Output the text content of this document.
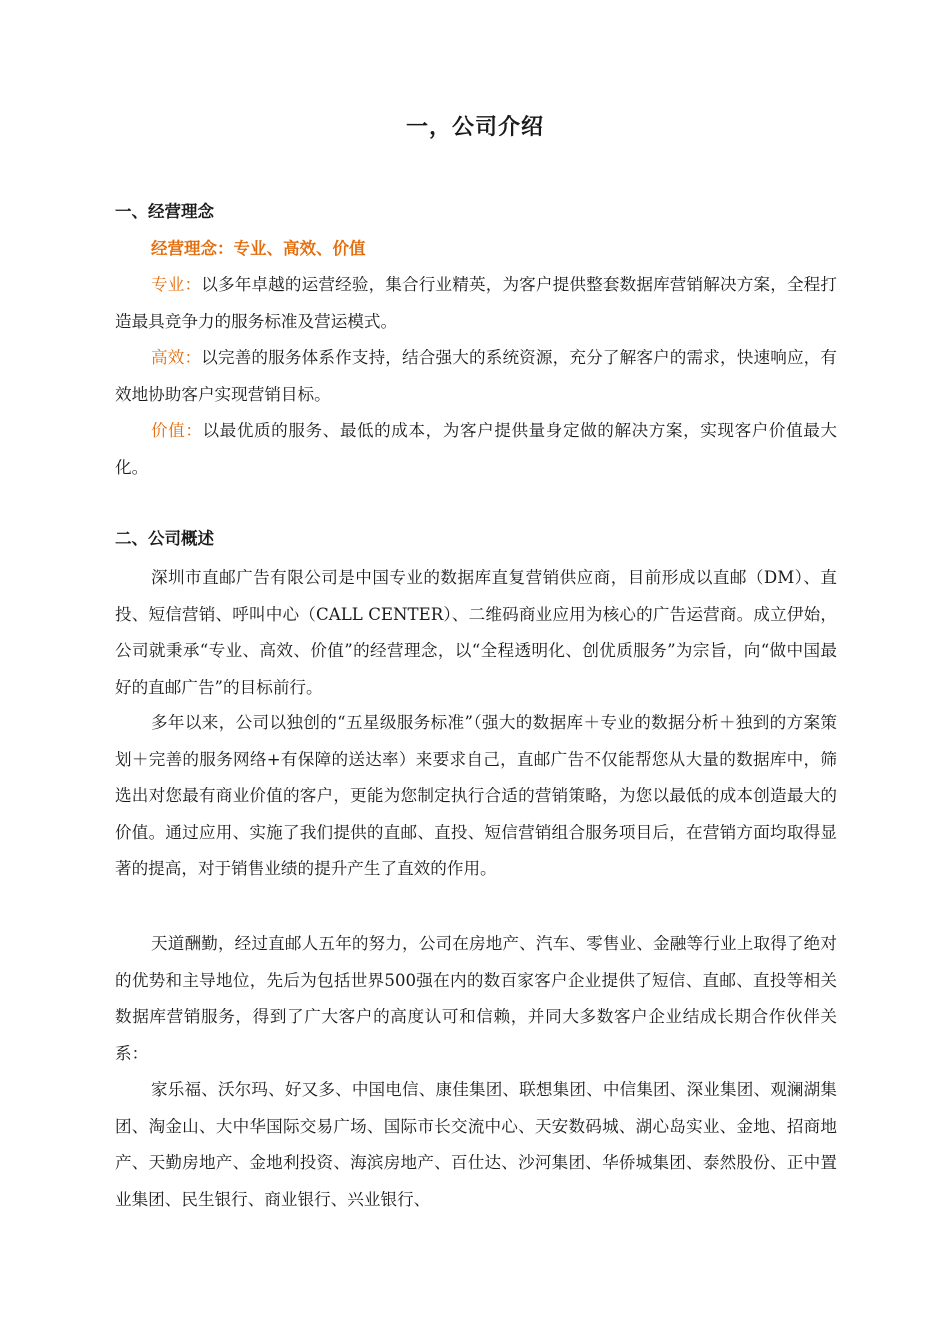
一，公司介绍
一、经营理念
经营理念：专业、高效、价值

专业：以多年卓越的运营经验，集合行业精英，为客户提供整套数据库营销解决方案，全程打造最具竞争力的服务标准及营运模式。

高效：以完善的服务体系作支持，结合强大的系统资源，充分了解客户的需求，快速响应，有效地协助客户实现营销目标。

价值：以最优质的服务、最低的成本，为客户提供量身定做的解决方案，实现客户价值最大化。

二、公司概述

深圳市直邮广告有限公司是中国专业的数据库直复营销供应商，目前形成以直邮（DM）、直投、短信营销、呼叫中心（CALL CENTER）、二维码商业应用为核心的广告运营商。成立伊始，公司就秉承“专业、高效、价值”的经营理念，以“全程透明化、创优质服务”为宗旨，向“做中国最好的直邮广告”的目标前行。

多年以来，公司以独创的“五星级服务标准”（强大的数据库＋专业的数据分析＋独到的方案策划＋完善的服务网络+有保障的送达率）来要求自己，直邮广告不仅能帮您从大量的数据库中，筛选出对您最有商业价值的客户，更能为您制定执行合适的营销策略，为您以最低的成本创造最大的价值。通过应用、实施了我们提供的直邮、直投、短信营销组合服务项目后，在营销方面均取得显著的提高，对于销售业绩的提升产生了直效的作用。

天道酬勤，经过直邮人五年的努力，公司在房地产、汽车、零售业、金融等行业上取得了绝对的优势和主导地位，先后为包括世界500强在内的数百家客户企业提供了短信、直邮、直投等相关数据库营销服务，得到了广大客户的高度认可和信赖，并同大多数客户企业结成长期合作伙伴关系：

家乐福、沃尔玛、好又多、中国电信、康佳集团、联想集团、中信集团、深业集团、观澜湖集团、淘金山、大中华国际交易广场、国际市长交流中心、天安数码城、湖心岛实业、金地、招商地产、天勤房地产、金地利投资、海滨房地产、百仕达、沙河集团、华侨城集团、泰然股份、正中置业集团、民生银行、商业银行、兴业银行、
